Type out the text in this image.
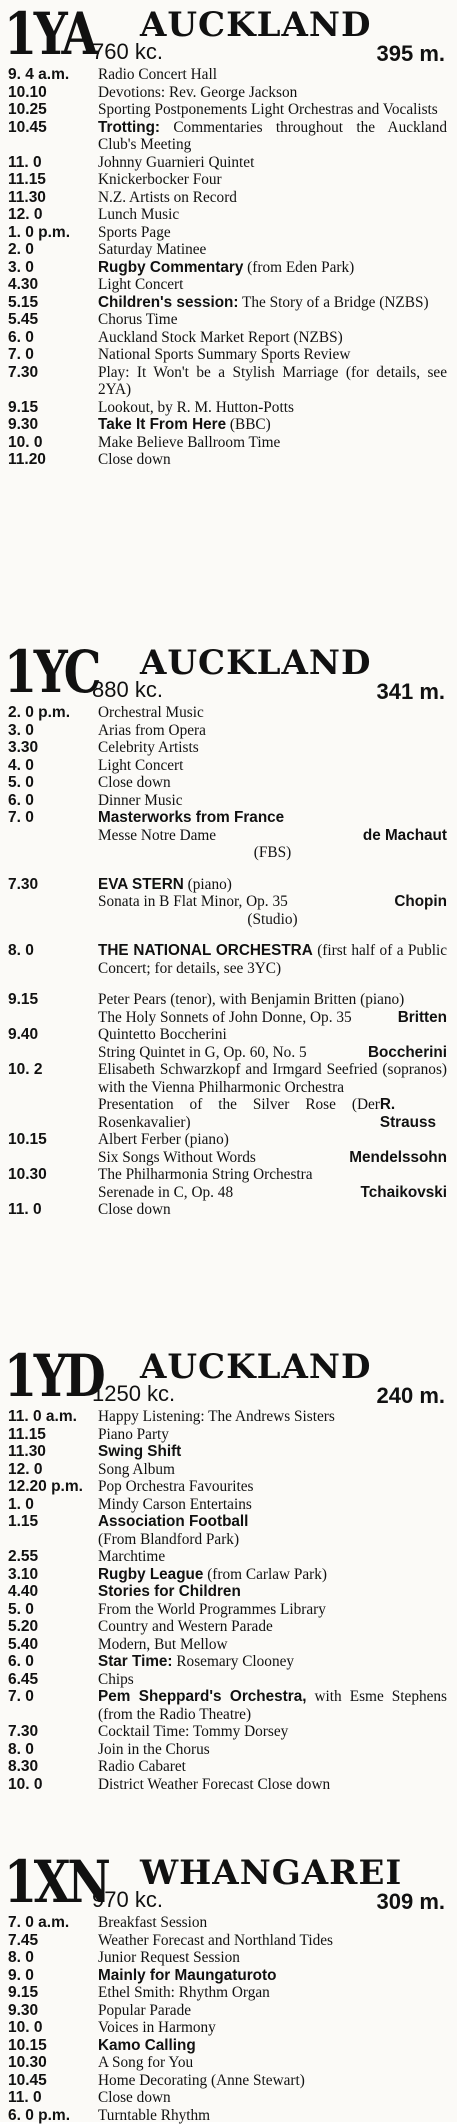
1YA AUCKLAND
760 kc.	395 m.
9. 4 a.m. Radio Concert Hall
10.10	Devotions: Rev. George Jackson
10.25	Sporting Postponements Light Orchestras and Vocalists
10.45	Trotting: Commentaries throughout the Auckland Club's Meeting
11. 0	Johnny Guarnieri Quintet
11.15	Knickerbocker Four
11.30	N.Z. Artists on Record
12. 0	Lunch Music
1. 0 p.m. Sports Page
2. 0	Saturday Matinee
3. 0	Rugby Commentary (from Eden Park)
4.30	Light Concert
5.15	Children's session: The Story of a Bridge (NZBS)
5.45	Chorus Time
6. 0	Auckland Stock Market Report (NZBS)
7. 0	National Sports Summary Sports Review
7.30	Play: It Won't be a Stylish Marriage (for details, see 2YA)
9.15	Lookout, by R. M. Hutton-Potts
9.30	Take It From Here (BBC)
10. 0	Make Believe Ballroom Time
11.20	Close down
1YC AUCKLAND
880 kc.	341 m.
2. 0 p.m. Orchestral Music
3. 0	Arias from Opera
3.30	Celebrity Artists
4. 0	Light Concert
5. 0	Close down
6. 0	Dinner Music
7. 0	Masterworks from France
Messe Notre Dame	de Machaut
(FBS)
7.30	EVA STERN (piano)
Sonata in B Flat Minor, Op. 35	Chopin
(Studio)
8. 0	THE NATIONAL ORCHESTRA (first half of a Public Concert; for details, see 3YC)
9.15	Peter Pears (tenor), with Benjamin Britten (piano)
The Holy Sonnets of John Donne, Op. 35	Britten
9.40	Quintetto Boccherini
String Quintet in G, Op. 60, No. 5	Boccherini
10. 2	Elisabeth Schwarzkopf and Irmgard Seefried (sopranos) with the Vienna Philharmonic Orchestra
Presentation of the Silver Rose (Der Rosenkavalier)
R. Strauss
10.15	Albert Ferber (piano)
Six Songs Without Words	Mendelssohn
10.30	The Philharmonia String Orchestra
Serenade in C, Op. 48	Tchaikovski
11. 0	Close down
1YD AUCKLAND
1250 kc.	240 m.
11. 0 a.m. Happy Listening: The Andrews Sisters
11.15	Piano Party
11.30	Swing Shift
12. 0	Song Album
12.20 p.m. Pop Orchestra Favourites
1. 0	Mindy Carson Entertains
1.15	Association Football
(From Blandford Park)
2.55	Marchtime
3.10	Rugby League (from Carlaw Park)
4.40	Stories for Children
5. 0	From the World Programmes Library
5.20	Country and Western Parade
5.40	Modern, But Mellow
6. 0	Star Time: Rosemary Clooney
6.45	Chips
7. 0	Pem Sheppard's Orchestra, with Esme Stephens (from the Radio Theatre)
7.30	Cocktail Time: Tommy Dorsey
8. 0	Join in the Chorus
8.30	Radio Cabaret
10. 0	District Weather Forecast Close down
1XN WHANGAREI
970 kc.	309 m.
7. 0 a.m. Breakfast Session
7.45	Weather Forecast and Northland Tides
8. 0	Junior Request Session
9. 0	Mainly for Maungaturoto
9.15	Ethel Smith: Rhythm Organ
9.30	Popular Parade
10. 0	Voices in Harmony
10.15	Kamo Calling
10.30	A Song for You
10.45	Home Decorating (Anne Stewart)
11. 0	Close down
6. 0 p.m. Turntable Rhythm
